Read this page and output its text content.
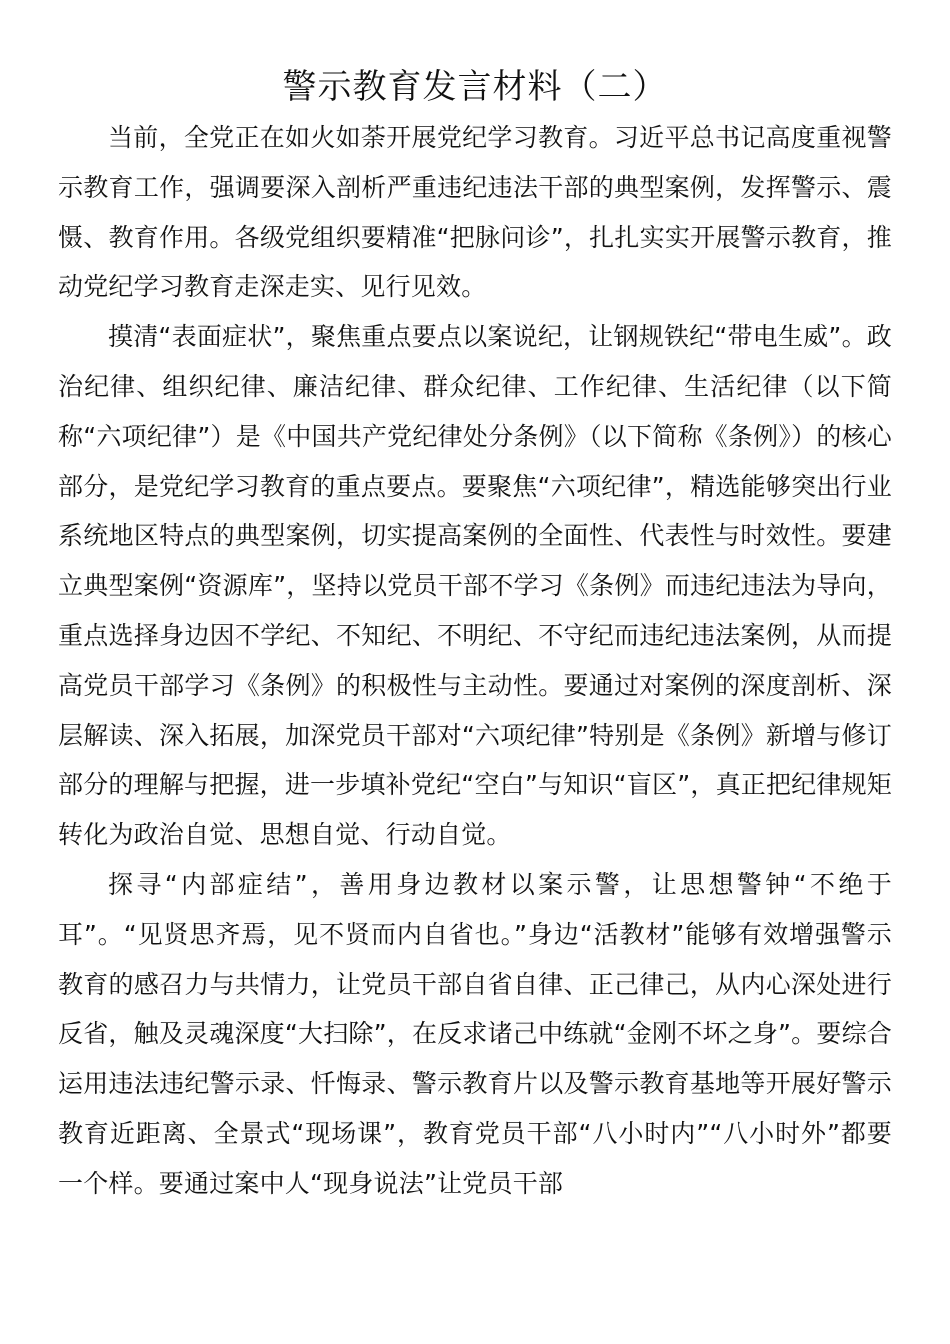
警示教育发言材料（二）

当前，全党正在如火如荼开展党纪学习教育。习近平总书记高度重视警示教育工作，强调要深入剖析严重违纪违法干部的典型案例，发挥警示、震慑、教育作用。各级党组织要精准“把脉问诊”，扎扎实实开展警示教育，推动党纪学习教育走深走实、见行见效。

摸清“表面症状”，聚焦重点要点以案说纪，让钢规铁纪“带电生威”。政治纪律、组织纪律、廉洁纪律、群众纪律、工作纪律、生活纪律（以下简称“六项纪律”）是《中国共产党纪律处分条例》（以下简称《条例》）的核心部分，是党纪学习教育的重点要点。要聚焦“六项纪律”，精选能够突出行业系统地区特点的典型案例，切实提高案例的全面性、代表性与时效性。要建立典型案例“资源库”，坚持以党员干部不学习《条例》而违纪违法为导向，重点选择身边因不学纪、不知纪、不明纪、不守纪而违纪违法案例，从而提高党员干部学习《条例》的积极性与主动性。要通过对案例的深度剖析、深层解读、深入拓展，加深党员干部对“六项纪律”特别是《条例》新增与修订部分的理解与把握，进一步填补党纪“空白”与知识“盲区”，真正把纪律规矩转化为政治自觉、思想自觉、行动自觉。

探寻“内部症结”，善用身边教材以案示警，让思想警钟“不绝于耳”。“见贤思齐焉，见不贤而内自省也。”身边“活教材”能够有效增强警示教育的感召力与共情力，让党员干部自省自律、正己律己，从内心深处进行反省，触及灵魂深度“大扫除”，在反求诸己中练就“金刚不坏之身”。要综合运用违法违纪警示录、忏悔录、警示教育片以及警示教育基地等开展好警示教育近距离、全景式“现场课”，教育党员干部“八小时内”“八小时外”都要一个样。要通过案中人“现身说法”让党员干部
